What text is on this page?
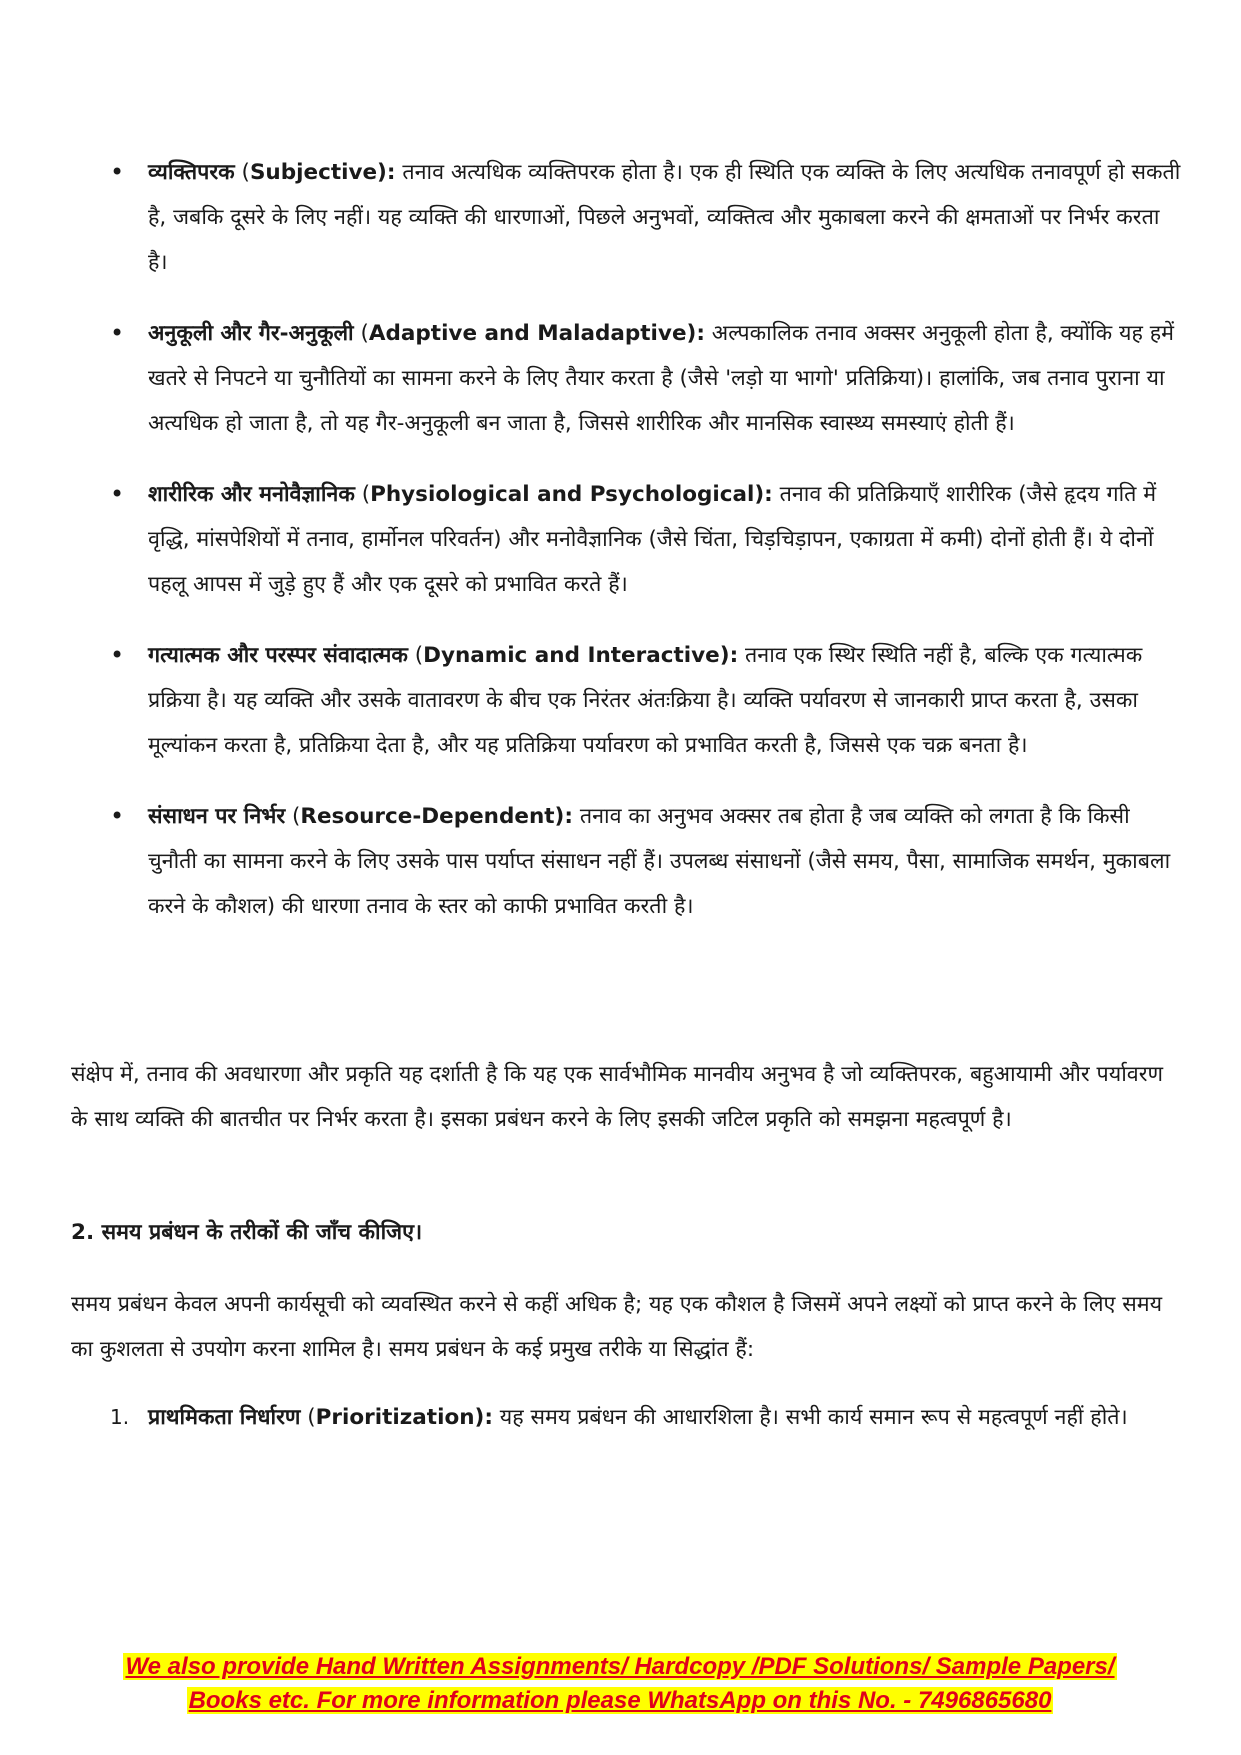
• व्यक्तिपरक (Subjective): तनाव अत्यधिक व्यक्तिपरक होता है। एक ही स्थिति एक व्यक्ति के लिए अत्यधिक तनावपूर्ण हो सकती है, जबकि दूसरे के लिए नहीं। यह व्यक्ति की धारणाओं, पिछले अनुभवों, व्यक्तित्व और मुकाबला करने की क्षमताओं पर निर्भर करता है।
• अनुकूली और गैर-अनुकूली (Adaptive and Maladaptive): अल्पकालिक तनाव अक्सर अनुकूली होता है, क्योंकि यह हमें खतरे से निपटने या चुनौतियों का सामना करने के लिए तैयार करता है (जैसे 'लड़ो या भागो' प्रतिक्रिया)। हालांकि, जब तनाव पुराना या अत्यधिक हो जाता है, तो यह गैर-अनुकूली बन जाता है, जिससे शारीरिक और मानसिक स्वास्थ्य समस्याएं होती हैं।
• शारीरिक और मनोवैज्ञानिक (Physiological and Psychological): तनाव की प्रतिक्रियाएँ शारीरिक (जैसे हृदय गति में वृद्धि, मांसपेशियों में तनाव, हार्मोनल परिवर्तन) और मनोवैज्ञानिक (जैसे चिंता, चिड़चिड़ापन, एकाग्रता में कमी) दोनों होती हैं। ये दोनों पहलू आपस में जुड़े हुए हैं और एक दूसरे को प्रभावित करते हैं।
• गत्यात्मक और परस्पर संवादात्मक (Dynamic and Interactive): तनाव एक स्थिर स्थिति नहीं है, बल्कि एक गत्यात्मक प्रक्रिया है। यह व्यक्ति और उसके वातावरण के बीच एक निरंतर अंतःक्रिया है। व्यक्ति पर्यावरण से जानकारी प्राप्त करता है, उसका मूल्यांकन करता है, प्रतिक्रिया देता है, और यह प्रतिक्रिया पर्यावरण को प्रभावित करती है, जिससे एक चक्र बनता है।
• संसाधन पर निर्भर (Resource-Dependent): तनाव का अनुभव अक्सर तब होता है जब व्यक्ति को लगता है कि किसी चुनौती का सामना करने के लिए उसके पास पर्याप्त संसाधन नहीं हैं। उपलब्ध संसाधनों (जैसे समय, पैसा, सामाजिक समर्थन, मुकाबला करने के कौशल) की धारणा तनाव के स्तर को काफी प्रभावित करती है।

संक्षेप में, तनाव की अवधारणा और प्रकृति यह दर्शाती है कि यह एक सार्वभौमिक मानवीय अनुभव है जो व्यक्तिपरक, बहुआयामी और पर्यावरण के साथ व्यक्ति की बातचीत पर निर्भर करता है। इसका प्रबंधन करने के लिए इसकी जटिल प्रकृति को समझना महत्वपूर्ण है।

2. समय प्रबंधन के तरीकों की जाँच कीजिए।

समय प्रबंधन केवल अपनी कार्यसूची को व्यवस्थित करने से कहीं अधिक है; यह एक कौशल है जिसमें अपने लक्ष्यों को प्राप्त करने के लिए समय का कुशलता से उपयोग करना शामिल है। समय प्रबंधन के कई प्रमुख तरीके या सिद्धांत हैं:

1. प्राथमिकता निर्धारण (Prioritization): यह समय प्रबंधन की आधारशिला है। सभी कार्य समान रूप से महत्वपूर्ण नहीं होते।
We also provide Hand Written Assignments/ Hardcopy /PDF Solutions/ Sample Papers/
Books etc. For more information please WhatsApp on this No. - 7496865680
